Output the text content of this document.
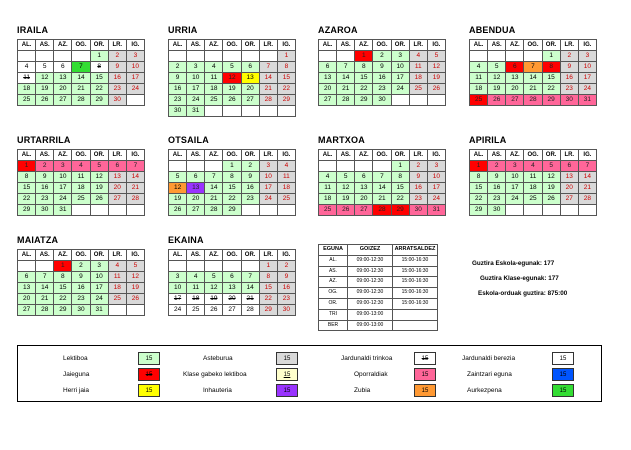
IRAILA
AL.	AS.	AZ.	OG.	OR.	LR.	IG.
				1	2	3
4	5	6	7	8	9	10
11	12	13	14	15	16	17
18	19	20	21	22	23	24
25	26	27	28	29	30	
URRIA
AL.	AS.	AZ.	OG.	OR.	LR.	IG.
						1
2	3	4	5	6	7	8
9	10	11	12	13	14	15
16	17	18	19	20	21	22
23	24	25	26	27	28	29
30	31					
AZAROA
AL.	AS.	AZ.	OG.	OR.	LR.	IG.
		1	2	3	4	5
6	7	8	9	10	11	12
13	14	15	16	17	18	19
20	21	22	23	24	25	26
27	28	29	30			
ABENDUA
AL.	AS.	AZ.	OG.	OR.	LR.	IG.
				1	2	3
4	5	6	7	8	9	10
11	12	13	14	15	16	17
18	19	20	21	22	23	24
25	26	27	28	29	30	31
URTARRILA
AL.	AS.	AZ.	OG.	OR.	LR.	IG.
1	2	3	4	5	6	7
8	9	10	11	12	13	14
15	16	17	18	19	20	21
22	23	24	25	26	27	28
29	30	31				
OTSAILA
AL.	AS.	AZ.	OG.	OR.	LR.	IG.
			1	2	3	4
5	6	7	8	9	10	11
12	13	14	15	16	17	18
19	20	21	22	23	24	25
26	27	28	29			
MARTXOA
AL.	AS.	AZ.	OG.	OR.	LR.	IG.
				1	2	3
4	5	6	7	8	9	10
11	12	13	14	15	16	17
18	19	20	21	22	23	24
25	26	27	28	29	30	31
APIRILA
AL.	AS.	AZ.	OG.	OR.	LR.	IG.
1	2	3	4	5	6	7
8	9	10	11	12	13	14
15	16	17	18	19	20	21
22	23	24	25	26	27	28
29	30					
MAIATZA
AL.	AS.	AZ.	OG.	OR.	LR.	IG.
		1	2	3	4	5
6	7	8	9	10	11	12
13	14	15	16	17	18	19
20	21	22	23	24	25	26
27	28	29	30	31		
EKAINA
AL.	AS.	AZ.	OG.	OR.	LR.	IG.
					1	2
3	4	5	6	7	8	9
10	11	12	13	14	15	16
17	18	19	20	21	22	23
24	25	26	27	28	29	30
EGUNA	GOIZEZ	ARRATSALDEZ
AL.	09:00-12:30	15:00-16:30
AS.	09:00-12:30	15:00-16:30
AZ.	09:00-12:30	15:00-16:30
OG.	09:00-12:30	15:00-16:30
OR.	09:00-12:30	15:00-16:30
TRI	09:00-13:00	
BER	09:00-13:00	
Guztira Eskola-egunak: 177
Guztira Klase-egunak: 177
Eskola-orduak guztira: 875:00
Lektiboa	15
Jaieguna	15
Herri jaia	15
Asteburua	15
Klase gabeko lektiboa	15
Inhauteria	15
Jardunaldi trinkoa	15
Oporraldiak	15
Zubia	15
Jardunaldi berezia	15
Zaintzari eguna	15
Aurkezpena	15
